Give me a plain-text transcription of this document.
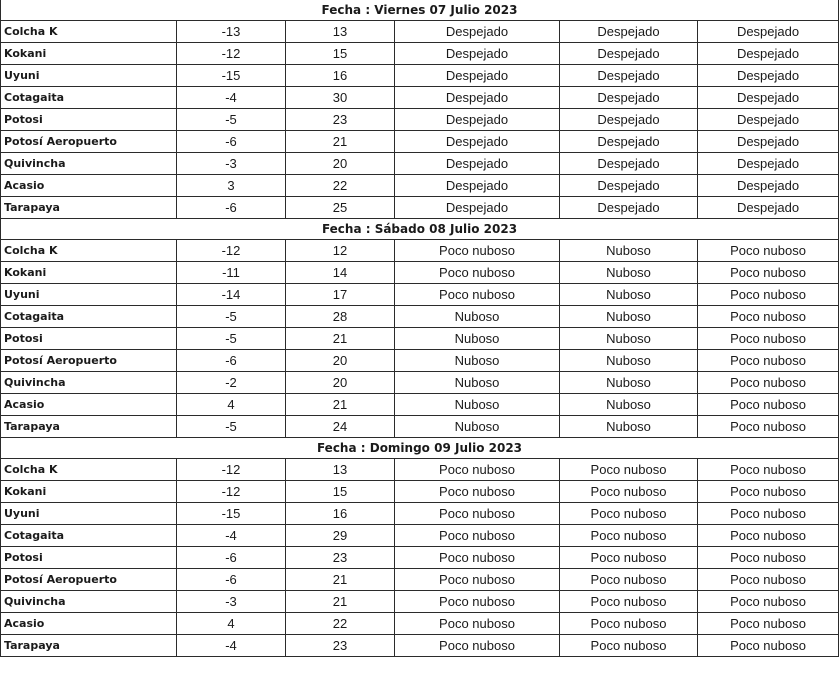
Fecha : Viernes 07 Julio 2023					
Colcha K	-13	13	Despejado	Despejado	Despejado
Kokani	-12	15	Despejado	Despejado	Despejado
Uyuni	-15	16	Despejado	Despejado	Despejado
Cotagaita	-4	30	Despejado	Despejado	Despejado
Potosi	-5	23	Despejado	Despejado	Despejado
Potosí Aeropuerto	-6	21	Despejado	Despejado	Despejado
Quivincha	-3	20	Despejado	Despejado	Despejado
Acasio	3	22	Despejado	Despejado	Despejado
Tarapaya	-6	25	Despejado	Despejado	Despejado
Fecha : Sábado 08 Julio 2023					
Colcha K	-12	12	Poco nuboso	Nuboso	Poco nuboso
Kokani	-11	14	Poco nuboso	Nuboso	Poco nuboso
Uyuni	-14	17	Poco nuboso	Nuboso	Poco nuboso
Cotagaita	-5	28	Nuboso	Nuboso	Poco nuboso
Potosi	-5	21	Nuboso	Nuboso	Poco nuboso
Potosí Aeropuerto	-6	20	Nuboso	Nuboso	Poco nuboso
Quivincha	-2	20	Nuboso	Nuboso	Poco nuboso
Acasio	4	21	Nuboso	Nuboso	Poco nuboso
Tarapaya	-5	24	Nuboso	Nuboso	Poco nuboso
Fecha : Domingo 09 Julio 2023					
Colcha K	-12	13	Poco nuboso	Poco nuboso	Poco nuboso
Kokani	-12	15	Poco nuboso	Poco nuboso	Poco nuboso
Uyuni	-15	16	Poco nuboso	Poco nuboso	Poco nuboso
Cotagaita	-4	29	Poco nuboso	Poco nuboso	Poco nuboso
Potosi	-6	23	Poco nuboso	Poco nuboso	Poco nuboso
Potosí Aeropuerto	-6	21	Poco nuboso	Poco nuboso	Poco nuboso
Quivincha	-3	21	Poco nuboso	Poco nuboso	Poco nuboso
Acasio	4	22	Poco nuboso	Poco nuboso	Poco nuboso
Tarapaya	-4	23	Poco nuboso	Poco nuboso	Poco nuboso
